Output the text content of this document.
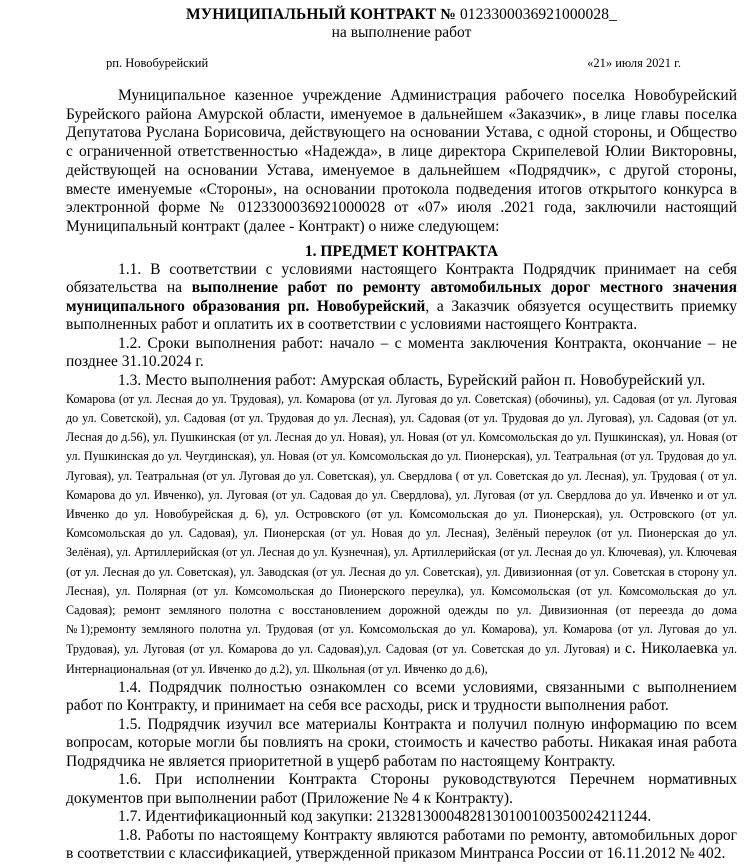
МУНИЦИПАЛЬНЫЙ КОНТРАКТ № 0123300036921000028_

на выполнение работ

рп. Новобурейский	«21» июля 2021 г.

Муниципальное казенное учреждение Администрация рабочего поселка Новобурейский Бурейского района Амурской области, именуемое в дальнейшем «Заказчик», в лице главы поселка Депутатова Руслана Борисовича, действующего на основании Устава, с одной стороны, и Общество с ограниченной ответственностью «Надежда», в лице директора Скрипелевой Юлии Викторовны, действующей на основании Устава, именуемое в дальнейшем «Подрядчик», с другой стороны, вместе именуемые «Стороны», на основании протокола подведения итогов открытого конкурса в электронной форме № 0123300036921000028 от «07» июля .2021 года, заключили настоящий Муниципальный контракт (далее - Контракт) о ниже следующем:

1. ПРЕДМЕТ КОНТРАКТА

1.1. В соответствии с условиями настоящего Контракта Подрядчик принимает на себя обязательства на выполнение работ по ремонту автомобильных дорог местного значения муниципального образования рп. Новобурейский, а Заказчик обязуется осуществить приемку выполненных работ и оплатить их в соответствии с условиями настоящего Контракта.

1.2. Сроки выполнения работ: начало – с момента заключения Контракта, окончание – не позднее 31.10.2024 г.

1.3. Место выполнения работ: Амурская область, Бурейский район п. Новобурейский ул.

Комарова (от ул. Лесная до ул. Трудовая), ул. Комарова (от ул. Луговая до ул. Советская) (обочины), ул. Садовая (от ул. Луговая до ул. Советской), ул. Садовая (от ул. Трудовая до ул. Лесная), ул. Садовая (от ул. Трудовая до ул. Луговая), ул. Садовая (от ул. Лесная до д.56), ул. Пушкинская (от ул. Лесная до ул. Новая), ул. Новая (от ул. Комсомольская до ул. Пушкинская), ул. Новая (от ул. Пушкинская до ул. Чеугдинская), ул. Новая (от ул. Комсомольская до ул. Пионерская), ул. Театральная (от ул. Трудовая до ул. Луговая), ул. Театральная (от ул. Луговая до ул. Советская), ул. Свердлова ( от ул. Советская до ул. Лесная), ул. Трудовая ( от ул. Комарова до ул. Ивченко), ул. Луговая (от ул. Садовая до ул. Свердлова), ул. Луговая (от ул. Свердлова до ул. Ивченко и от ул. Ивченко до ул. Новобурейская д. 6), ул. Островского (от ул. Комсомольская до ул. Пионерская), ул. Островского (от ул. Комсомольская до ул. Садовая), ул. Пионерская (от ул. Новая до ул. Лесная), Зелёный переулок (от ул. Пионерская до ул. Зелёная), ул. Артиллерийская (от ул. Лесная до ул. Кузнечная), ул. Артиллерийская (от ул. Лесная до ул. Ключевая), ул. Ключевая (от ул. Лесная до ул. Советская), ул. Заводская (от ул. Лесная до ул. Советская), ул. Дивизионная (от ул. Советская в сторону ул. Лесная), ул. Полярная (от ул. Комсомольская до Пионерского переулка), ул. Комсомольская (от ул. Комсомольская до ул. Садовая); ремонт земляного полотна с восстановлением дорожной одежды по ул. Дивизионная (от переезда до дома №1);ремонту земляного полотна ул. Трудовая (от ул. Комсомольская до ул. Комарова), ул. Комарова (от ул. Луговая до ул. Трудовая), ул. Луговая (от ул. Комарова до ул. Садовая),ул. Садовая (от ул. Советская до ул. Луговая) и с. Николаевка ул. Интернациональная (от ул. Ивченко до д.2), ул. Школьная (от ул. Ивченко до д.6),

1.4. Подрядчик полностью ознакомлен со всеми условиями, связанными с выполнением работ по Контракту, и принимает на себя все расходы, риск и трудности выполнения работ.

1.5. Подрядчик изучил все материалы Контракта и получил полную информацию по всем вопросам, которые могли бы повлиять на сроки, стоимость и качество работы. Никакая иная работа Подрядчика не является приоритетной в ущерб работам по настоящему Контракту.

1.6. При исполнении Контракта Стороны руководствуются Перечнем нормативных документов при выполнении работ (Приложение № 4 к Контракту).

1.7. Идентификационный код закупки: 213281300048281301001003500242112​44.

1.8. Работы по настоящему Контракту являются работами по ремонту, автомобильных дорог в соответствии с классификацией, утвержденной приказом Минтранса России от 16.11.2012 № 402.
